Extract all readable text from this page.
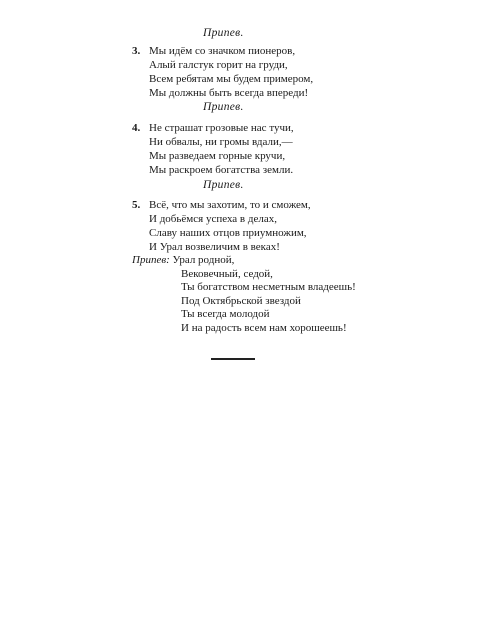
Припев.
3. Мы идём со значком пионеров,
Алый галстук горит на груди,
Всем ребятам мы будем примером,
Мы должны быть всегда впереди!
Припев.
4. Не страшат грозовые нас тучи,
Ни обвалы, ни громы вдали,—
Мы разведаем горные кручи,
Мы раскроем богатства земли.
Припев.
5. Всё, что мы захотим, то и сможем,
И добьёмся успеха в делах,
Славу наших отцов приумножим,
И Урал возвеличим в веках!
Припев: Урал родной,
Вековечный, седой,
Ты богатством несметным владеешь!
Под Октябрьской звездой
Ты всегда молодой
И на радость всем нам хорошеешь!
